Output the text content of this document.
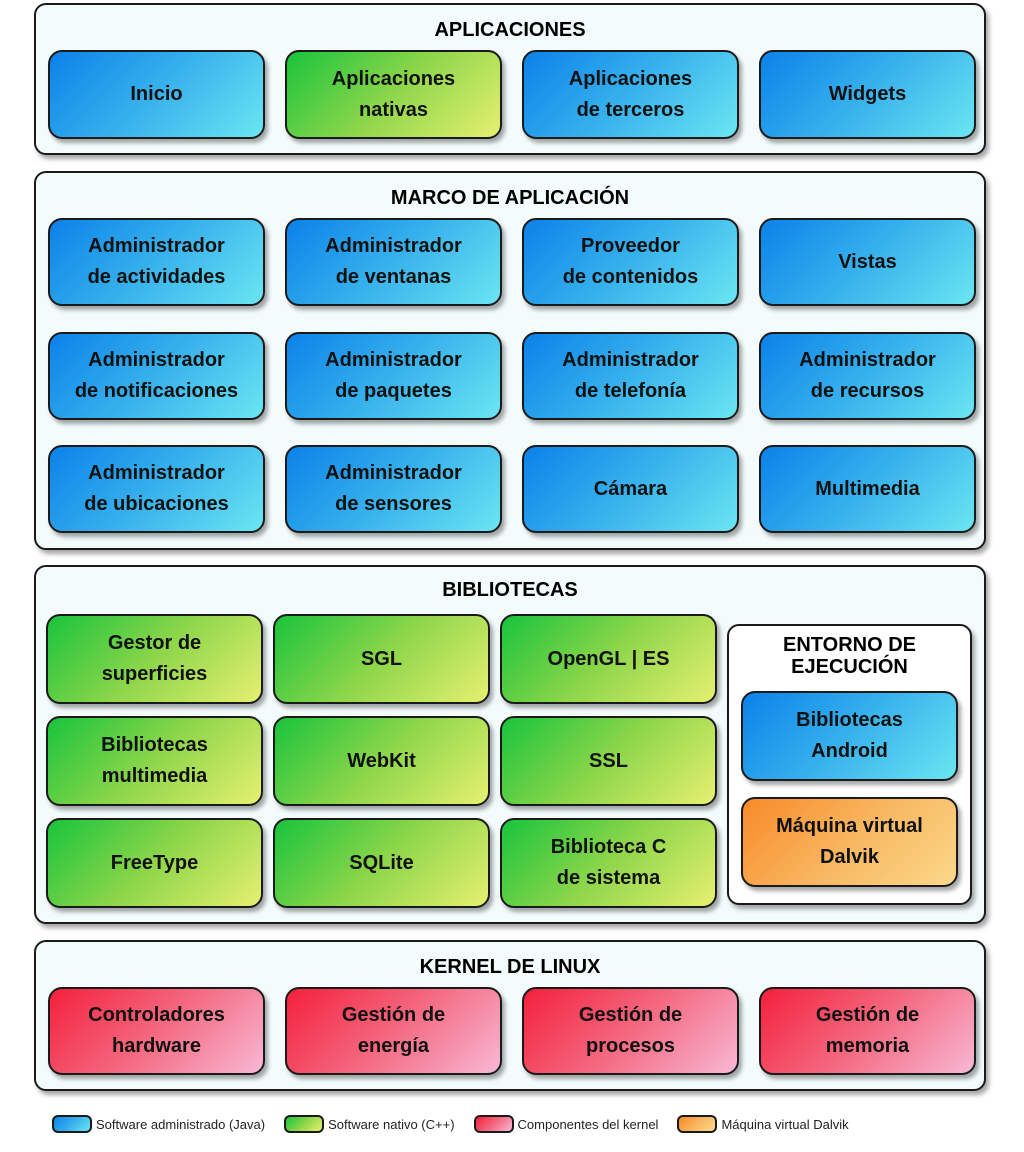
APLICACIONES
Inicio
Aplicaciones
nativas
Aplicaciones
de terceros
Widgets
MARCO DE APLICACIÓN
Administrador
de actividades
Administrador
de ventanas
Proveedor
de contenidos
Vistas
Administrador
de notificaciones
Administrador
de paquetes
Administrador
de telefonía
Administrador
de recursos
Administrador
de ubicaciones
Administrador
de sensores
Cámara	Multimedia
BIBLIOTECAS
Gestor de
superficies
SGL	OpenGL | ES
Bibliotecas
multimedia
WebKit	SSL
FreeType	SQLite
Biblioteca C
de sistema
ENTORNO DE
EJECUCIÓN
Bibliotecas
Android
Máquina virtual
Dalvik
KERNEL DE LINUX
Controladores
hardware
Gestión de
energía
Gestión de
procesos
Gestión de
memoria
Software administrado (Java)	Software nativo (C++)	Componentes del kernel	Máquina virtual Dalvik
